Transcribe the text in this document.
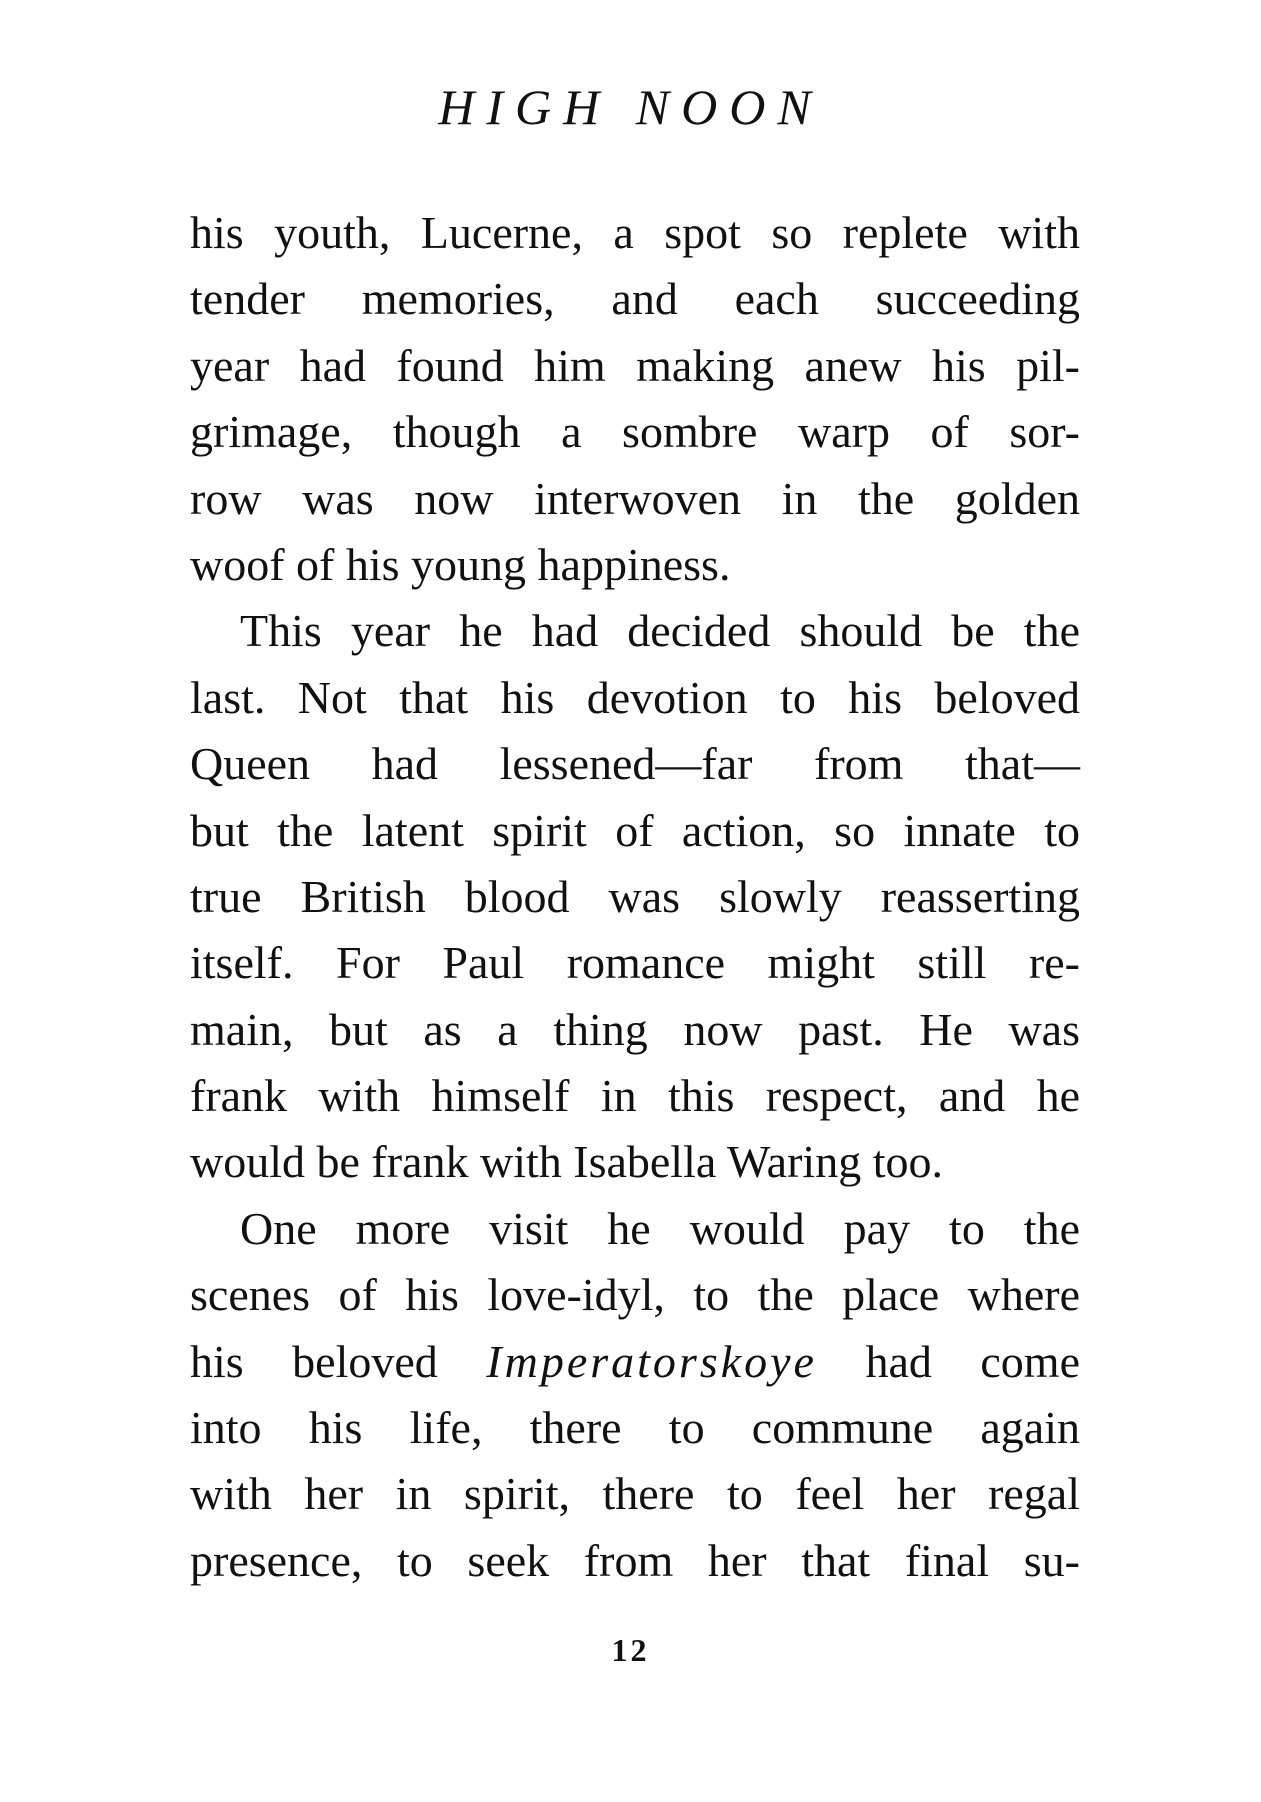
HIGH NOON
his youth, Lucerne, a spot so replete with
tender memories, and each succeeding
year had found him making anew his pil-
grimage, though a sombre warp of sor-
row was now interwoven in the golden
woof of his young happiness.
This year he had decided should be the
last. Not that his devotion to his beloved
Queen had lessened—far from that—
but the latent spirit of action, so innate to
true British blood was slowly reasserting
itself. For Paul romance might still re-
main, but as a thing now past. He was
frank with himself in this respect, and he
would be frank with Isabella Waring too.
One more visit he would pay to the
scenes of his love-idyl, to the place where
his beloved Imperatorskoye had come
into his life, there to commune again
with her in spirit, there to feel her regal
presence, to seek from her that final su-
12
